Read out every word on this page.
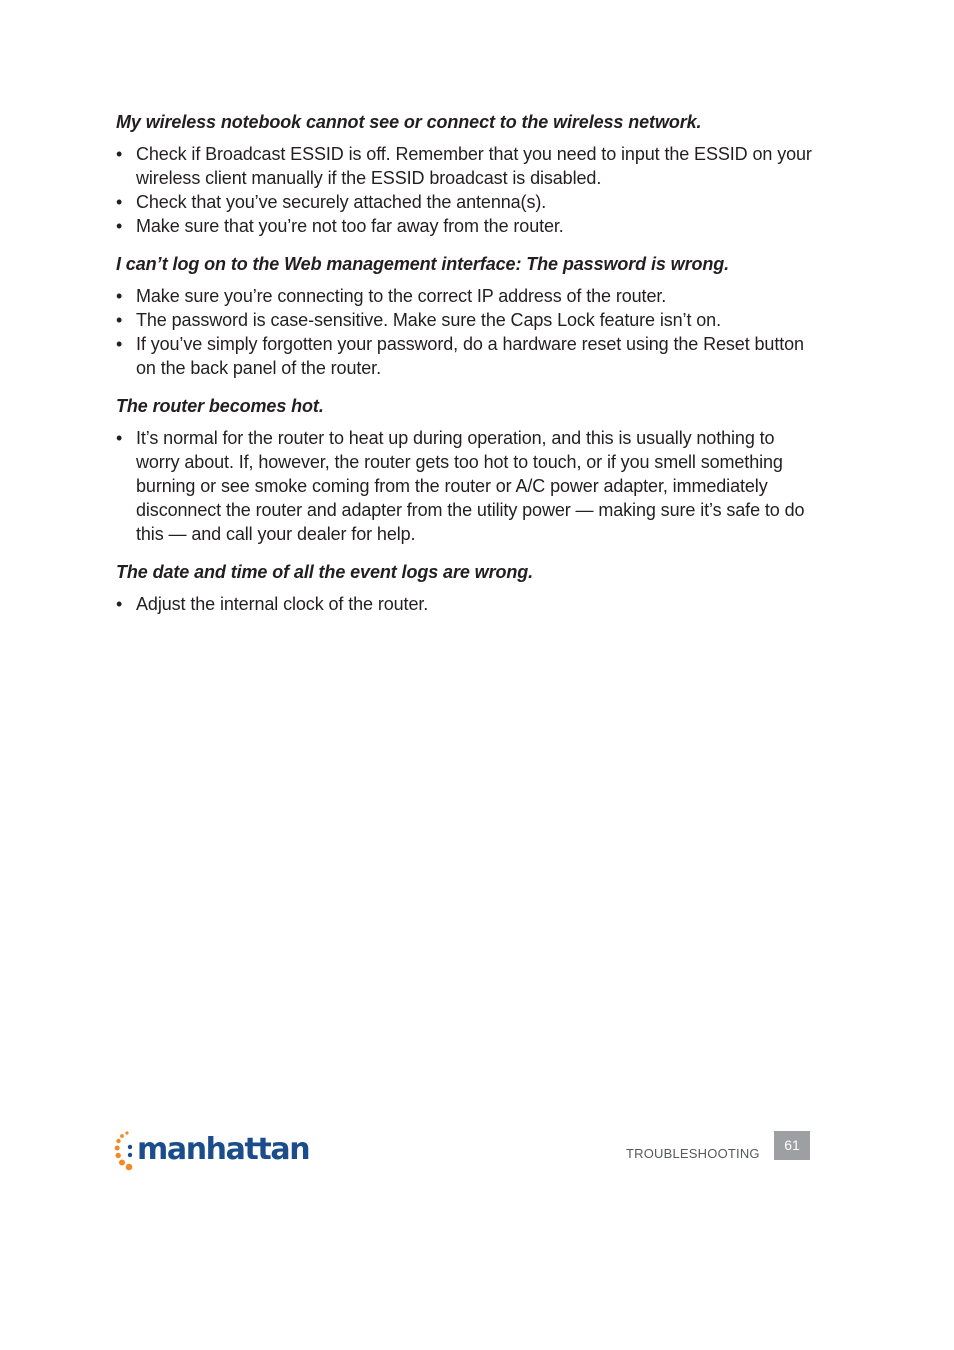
My wireless notebook cannot see or connect to the wireless network.
• Check if Broadcast ESSID is off. Remember that you need to input the ESSID on your wireless client manually if the ESSID broadcast is disabled.
• Check that you’ve securely attached the antenna(s).
• Make sure that you’re not too far away from the router.
I can’t log on to the Web management interface: The password is wrong.
• Make sure you’re connecting to the correct IP address of the router.
• The password is case-sensitive. Make sure the Caps Lock feature isn’t on.
• If you’ve simply forgotten your password, do a hardware reset using the Reset button on the back panel of the router.
The router becomes hot.
• It’s normal for the router to heat up during operation, and this is usually nothing to worry about. If, however, the router gets too hot to touch, or if you smell something burning or see smoke coming from the router or A/C power adapter, immediately disconnect the router and adapter from the utility power — making sure it’s safe to do this — and call your dealer for help.
The date and time of all the event logs are wrong.
• Adjust the internal clock of the router.
manhattan	TROUBLESHOOTING
61
